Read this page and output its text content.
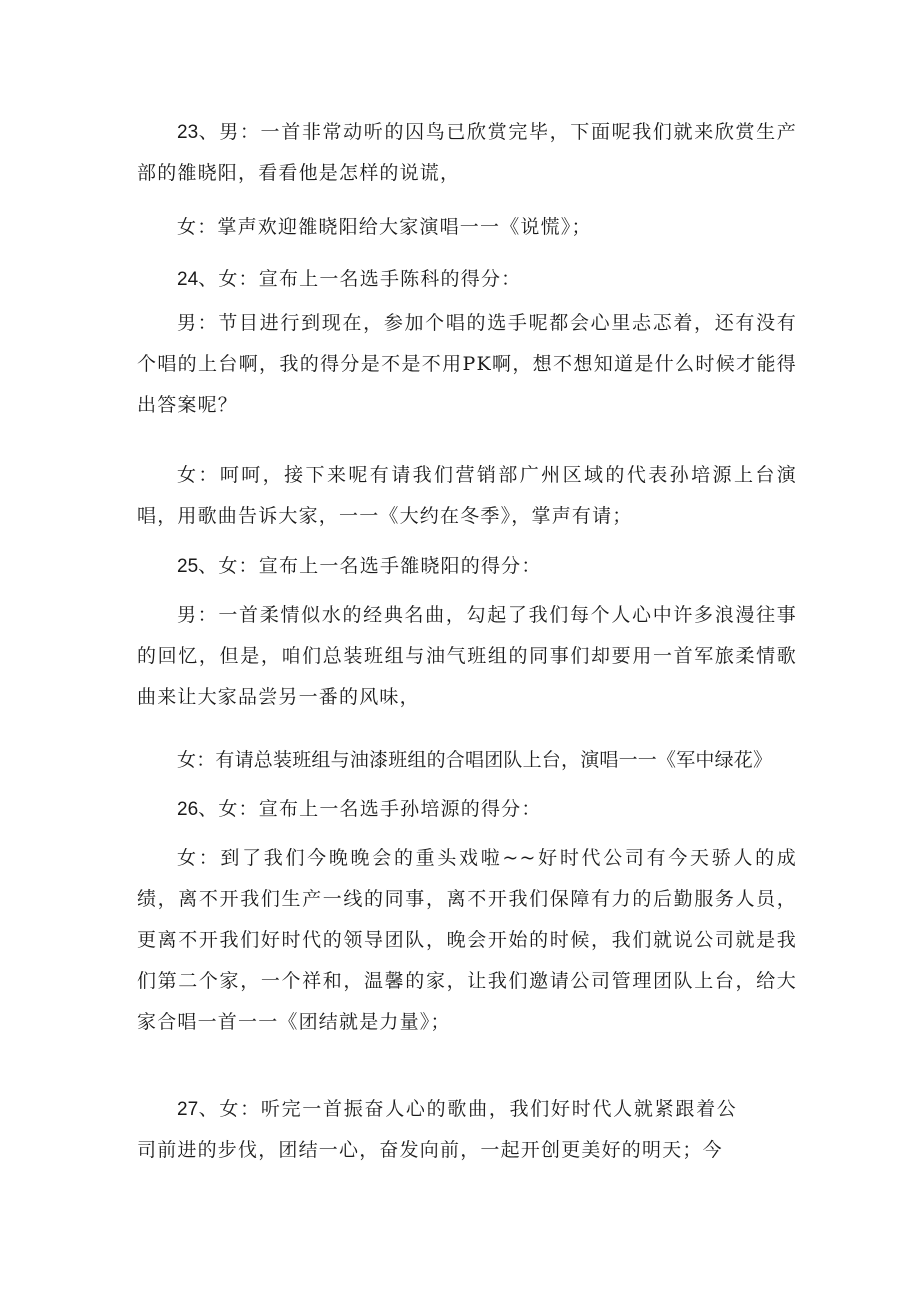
23、男：一首非常动听的囚鸟已欣赏完毕，下面呢我们就来欣赏生产部的雒晓阳，看看他是怎样的说谎，

女：掌声欢迎雒晓阳给大家演唱一一《说慌》；

24、女：宣布上一名选手陈科的得分：

男：节目进行到现在，参加个唱的选手呢都会心里忐忑着，还有没有个唱的上台啊，我的得分是不是不用PK啊，想不想知道是什么时候才能得出答案呢？

女：呵呵，接下来呢有请我们营销部广州区域的代表孙培源上台演唱，用歌曲告诉大家，一一《大约在冬季》，掌声有请；

25、女：宣布上一名选手雒晓阳的得分：

男：一首柔情似水的经典名曲，勾起了我们每个人心中许多浪漫往事的回忆，但是，咱们总装班组与油气班组的同事们却要用一首军旅柔情歌曲来让大家品尝另一番的风味，

女：有请总装班组与油漆班组的合唱团队上台，演唱一一《军中绿花》

26、女：宣布上一名选手孙培源的得分：

女：到了我们今晚晚会的重头戏啦~~好时代公司有今天骄人的成绩，离不开我们生产一线的同事，离不开我们保障有力的后勤服务人员，更离不开我们好时代的领导团队，晚会开始的时候，我们就说公司就是我们第二个家，一个祥和，温馨的家，让我们邀请公司管理团队上台，给大家合唱一首一一《团结就是力量》；

27、女：听完一首振奋人心的歌曲，我们好时代人就紧跟着公司前进的步伐，团结一心，奋发向前，一起开创更美好的明天；今
